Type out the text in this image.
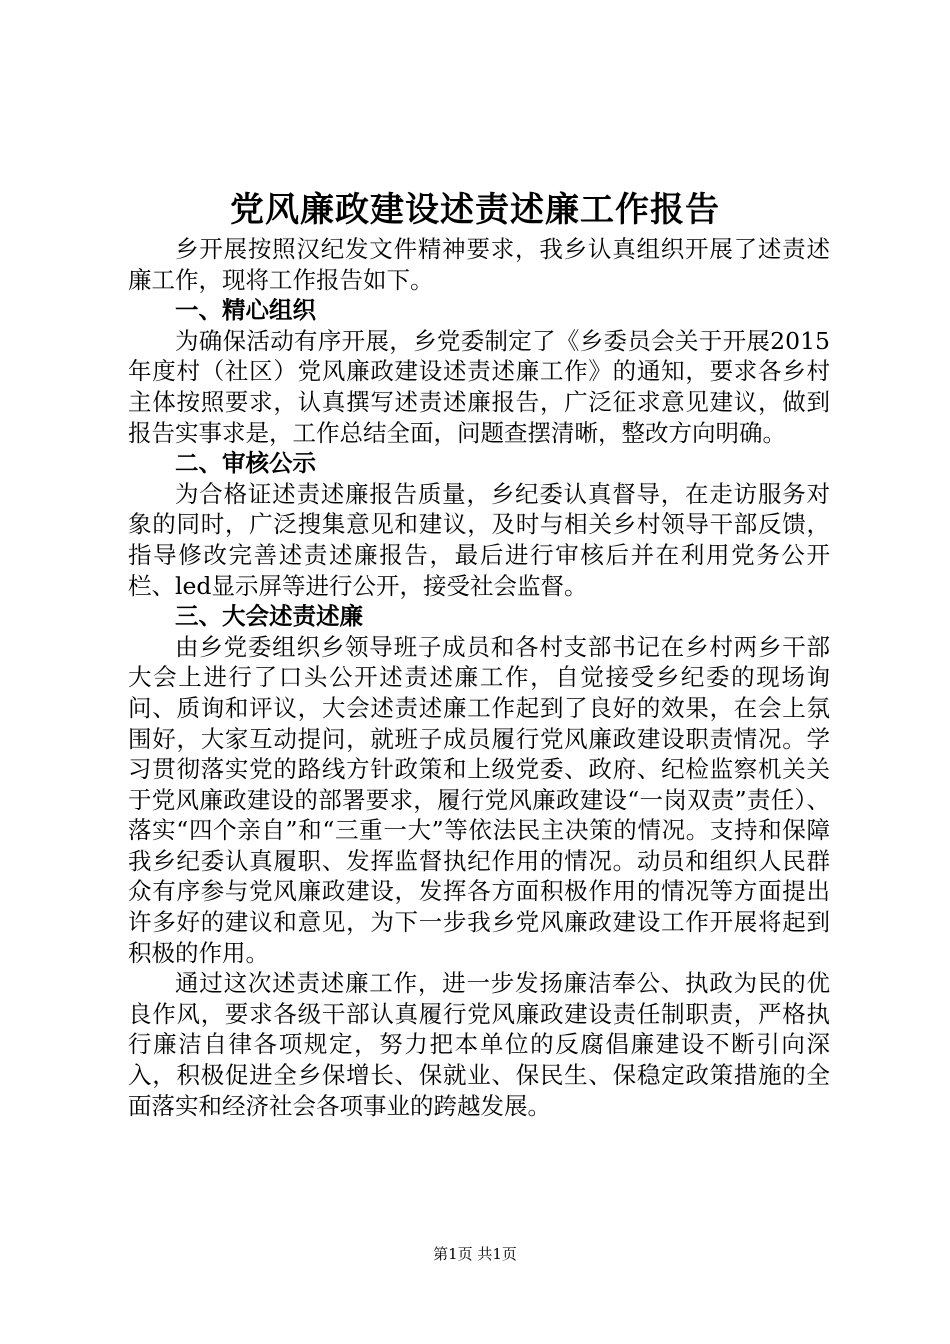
党风廉政建设述责述廉工作报告

乡开展按照汉纪发文件精神要求，我乡认真组织开展了述责述廉工作，现将工作报告如下。

一、精心组织

为确保活动有序开展，乡党委制定了《乡委员会关于开展2015年度村（社区）党风廉政建设述责述廉工作》的通知，要求各乡村主体按照要求，认真撰写述责述廉报告，广泛征求意见建议，做到报告实事求是，工作总结全面，问题查摆清晰，整改方向明确。

二、审核公示

为合格证述责述廉报告质量，乡纪委认真督导，在走访服务对象的同时，广泛搜集意见和建议，及时与相关乡村领导干部反馈，指导修改完善述责述廉报告，最后进行审核后并在利用党务公开栏、led显示屏等进行公开，接受社会监督。

三、大会述责述廉

由乡党委组织乡领导班子成员和各村支部书记在乡村两乡干部大会上进行了口头公开述责述廉工作，自觉接受乡纪委的现场询问、质询和评议，大会述责述廉工作起到了良好的效果，在会上氛围好，大家互动提问，就班子成员履行党风廉政建设职责情况。学习贯彻落实党的路线方针政策和上级党委、政府、纪检监察机关关于党风廉政建设的部署要求，履行党风廉政建设“一岗双责”责任）、落实“四个亲自”和“三重一大”等依法民主决策的情况。支持和保障我乡纪委认真履职、发挥监督执纪作用的情况。动员和组织人民群众有序参与党风廉政建设，发挥各方面积极作用的情况等方面提出许多好的建议和意见，为下一步我乡党风廉政建设工作开展将起到积极的作用。

通过这次述责述廉工作，进一步发扬廉洁奉公、执政为民的优良作风，要求各级干部认真履行党风廉政建设责任制职责，严格执行廉洁自律各项规定，努力把本单位的反腐倡廉建设不断引向深入，积极促进全乡保增长、保就业、保民生、保稳定政策措施的全面落实和经济社会各项事业的跨越发展。

第1页 共1页
